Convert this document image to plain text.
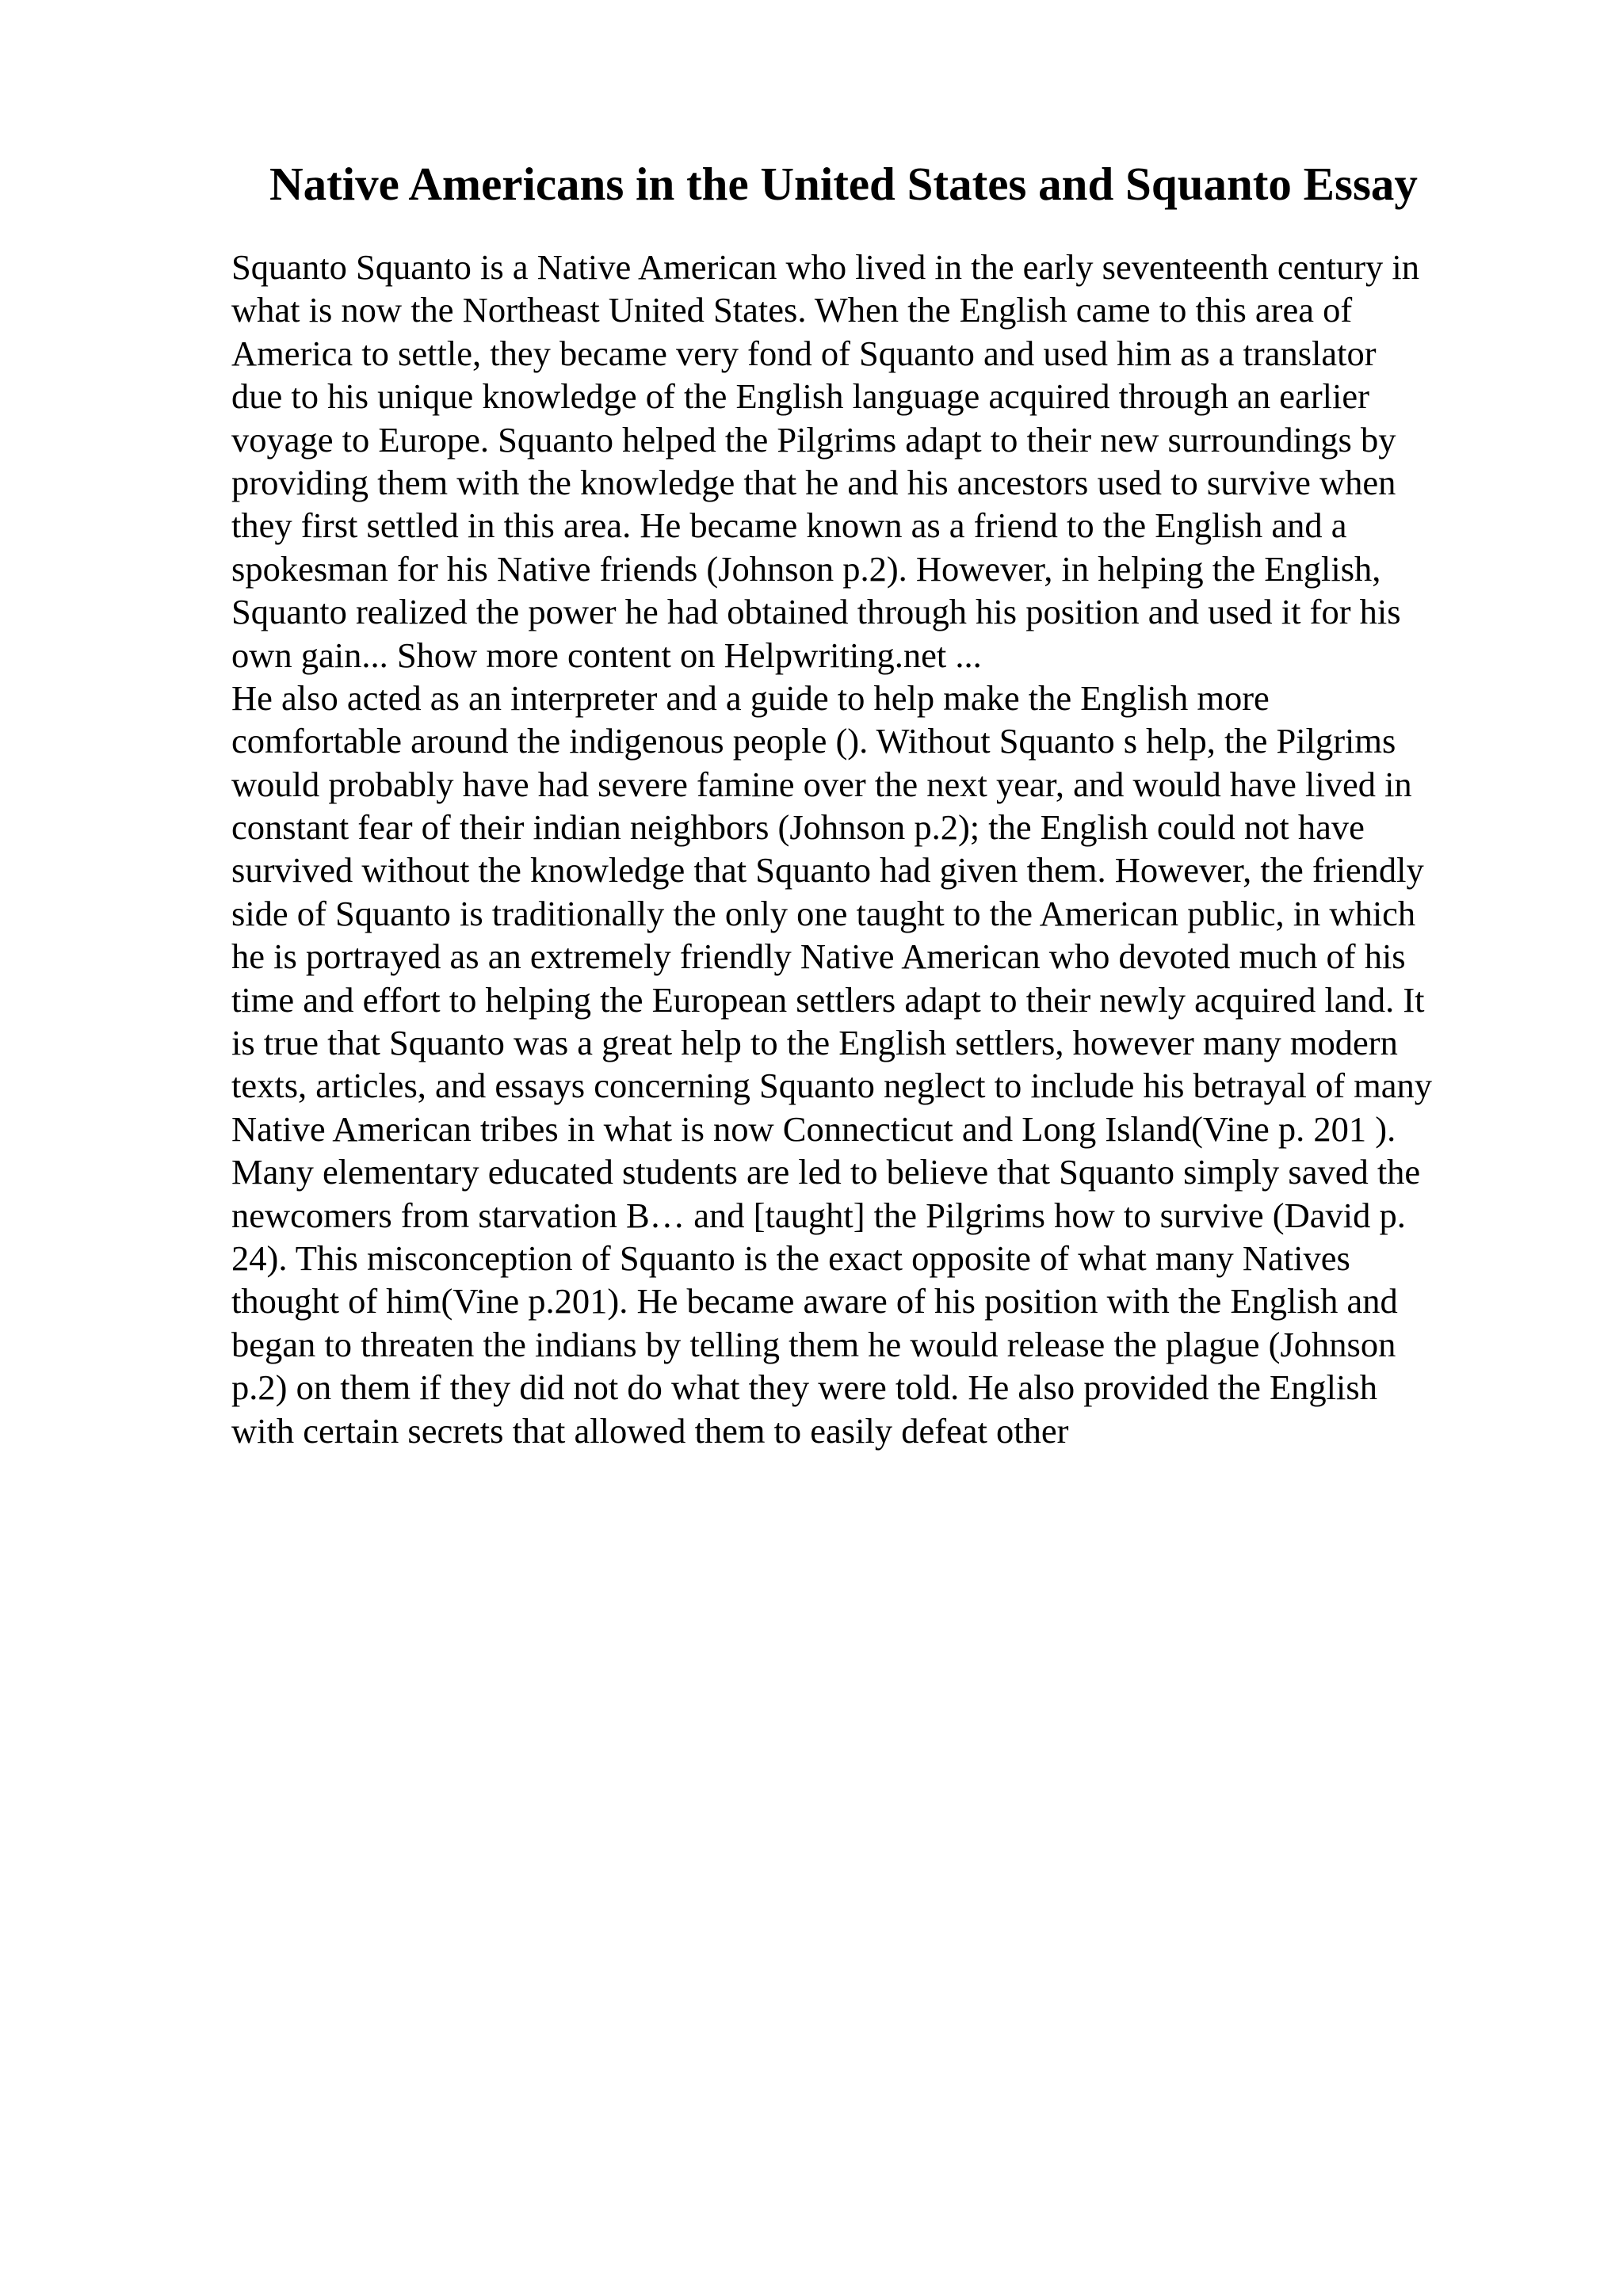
Native Americans in the United States and Squanto Essay
Squanto Squanto is a Native American who lived in the early seventeenth century in
what is now the Northeast United States. When the English came to this area of
America to settle, they became very fond of Squanto and used him as a translator
due to his unique knowledge of the English language acquired through an earlier
voyage to Europe. Squanto helped the Pilgrims adapt to their new surroundings by
providing them with the knowledge that he and his ancestors used to survive when
they first settled in this area. He became known as a friend to the English and a
spokesman for his Native friends (Johnson p.2). However, in helping the English,
Squanto realized the power he had obtained through his position and used it for his
own gain... Show more content on Helpwriting.net ...
He also acted as an interpreter and a guide to help make the English more
comfortable around the indigenous people (). Without Squanto s help, the Pilgrims
would probably have had severe famine over the next year, and would have lived in
constant fear of their indian neighbors (Johnson p.2); the English could not have
survived without the knowledge that Squanto had given them. However, the friendly
side of Squanto is traditionally the only one taught to the American public, in which
he is portrayed as an extremely friendly Native American who devoted much of his
time and effort to helping the European settlers adapt to their newly acquired land. It
is true that Squanto was a great help to the English settlers, however many modern
texts, articles, and essays concerning Squanto neglect to include his betrayal of many
Native American tribes in what is now Connecticut and Long Island(Vine p. 201 ).
Many elementary educated students are led to believe that Squanto simply saved the
newcomers from starvation B… and [taught] the Pilgrims how to survive (David p.
24). This misconception of Squanto is the exact opposite of what many Natives
thought of him(Vine p.201). He became aware of his position with the English and
began to threaten the indians by telling them he would release the plague (Johnson
p.2) on them if they did not do what they were told. He also provided the English
with certain secrets that allowed them to easily defeat other
